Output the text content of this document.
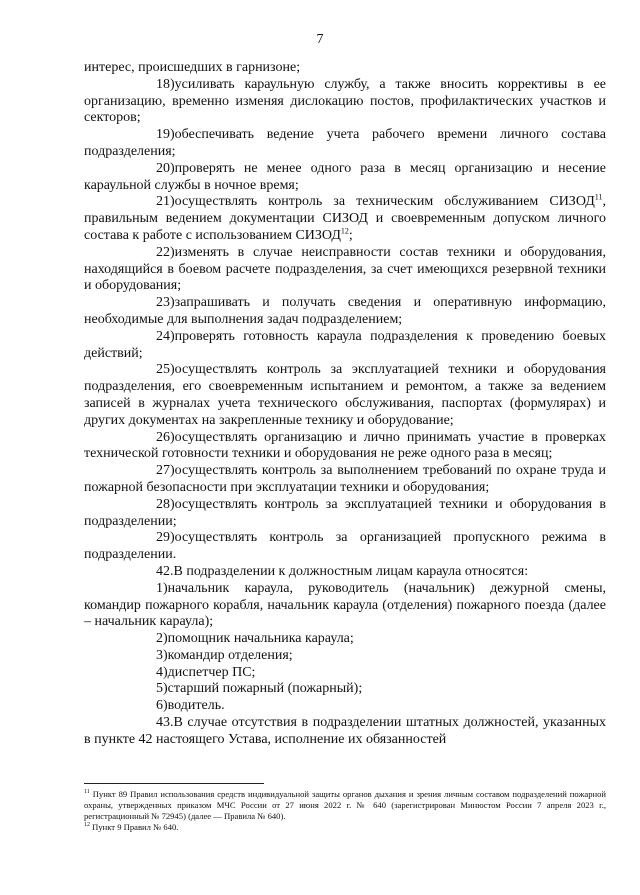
7

интерес, происшедших в гарнизоне;

18)усиливать караульную службу, а также вносить коррективы в ее организацию, временно изменяя дислокацию постов, профилактических участков и секторов;

19)обеспечивать ведение учета рабочего времени личного состава подразделения;

20)проверять не менее одного раза в месяц организацию и несение караульной службы в ночное время;

21)осуществлять контроль за техническим обслуживанием СИЗОД$^{11}$, правильным ведением документации СИЗОД и своевременным допуском личного состава к работе с использованием СИЗОД$^{12}$;

22)изменять в случае неисправности состав техники и оборудования, находящийся в боевом расчете подразделения, за счет имеющихся резервной техники и оборудования;

23)запрашивать и получать сведения и оперативную информацию, необходимые для выполнения задач подразделением;

24)проверять готовность караула подразделения к проведению боевых действий;

25)осуществлять контроль за эксплуатацией техники и оборудования подразделения, его своевременным испытанием и ремонтом, а также за ведением записей в журналах учета технического обслуживания, паспортах (формулярах) и других документах на закрепленные технику и оборудование;

26)осуществлять организацию и лично принимать участие в проверках технической готовности техники и оборудования не реже одного раза в месяц;

27)осуществлять контроль за выполнением требований по охране труда и пожарной безопасности при эксплуатации техники и оборудования;

28)осуществлять контроль за эксплуатацией техники и оборудования в подразделении;

29)осуществлять контроль за организацией пропускного режима в подразделении.

42.В подразделении к должностным лицам караула относятся:

1)начальник караула, руководитель (начальник) дежурной смены, командир пожарного корабля, начальник караула (отделения) пожарного поезда (далее – начальник караула);

2)помощник начальника караула;

3)командир отделения;

4)диспетчер ПС;

5)старший пожарный (пожарный);

6)водитель.

43.В случае отсутствия в подразделении штатных должностей, указанных в пункте 42 настоящего Устава, исполнение их обязанностей

$^{11}$ Пункт 89 Правил использования средств индивидуальной защиты органов дыхания и зрения личным составом подразделений пожарной охраны, утвержденных приказом МЧС России от 27 июня 2022 г. № 640 (зарегистрирован Минюстом России 7 апреля 2023 г., регистрационный № 72945) (далее — Правила № 640).

$^{12}$ Пункт 9 Правил № 640.
